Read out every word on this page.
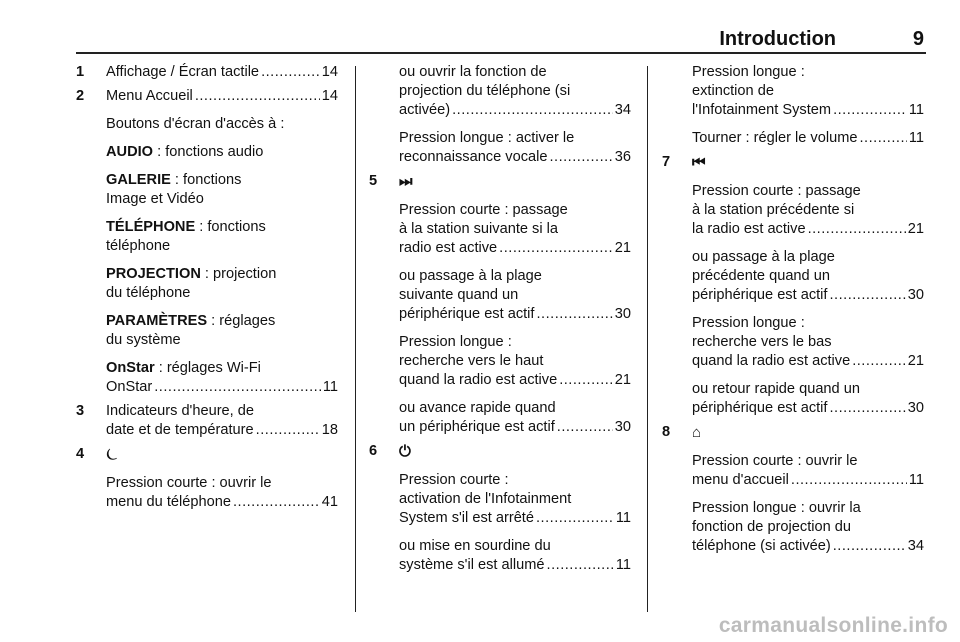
Introduction	9
1 Affichage / Écran tactile .....	14
2 Menu Accueil .....	14
Boutons d'écran d'accès à :
AUDIO : fonctions audio
GALERIE : fonctions
Image et Vidéo
TÉLÉPHONE : fonctions
téléphone
PROJECTION : projection
du téléphone
PARAMÈTRES : réglages
du système
OnStar : réglages Wi-Fi
OnStar .....	11
3 Indicateurs d'heure, de
date et de température .....	18
4 ⏾
Pression courte : ouvrir le
menu du téléphone .....	41
ou ouvrir la fonction de
projection du téléphone (si
activée) .....	34
Pression longue : activer le
reconnaissance vocale .....	36
5 ⏭
Pression courte : passage
à la station suivante si la
radio est active .....	21
ou passage à la plage
suivante quand un
périphérique est actif .....	30
Pression longue :
recherche vers le haut
quand la radio est active .....	21
ou avance rapide quand
un périphérique est actif .....	30
6 ⏻
Pression courte :
activation de l'Infotainment
System s'il est arrêté .....	11
ou mise en sourdine du
système s'il est allumé .....	11
Pression longue :
extinction de
l'Infotainment System .....	11
Tourner : régler le volume .....	11
7 ⏮
Pression courte : passage
à la station précédente si
la radio est active .....	21
ou passage à la plage
précédente quand un
périphérique est actif .....	30
Pression longue :
recherche vers le bas
quand la radio est active .....	21
ou retour rapide quand un
périphérique est actif .....	30
8 ⌂
Pression courte : ouvrir le
menu d'accueil .....	11
Pression longue : ouvrir la
fonction de projection du
téléphone (si activée) .....	34
carmanualsonline.info
